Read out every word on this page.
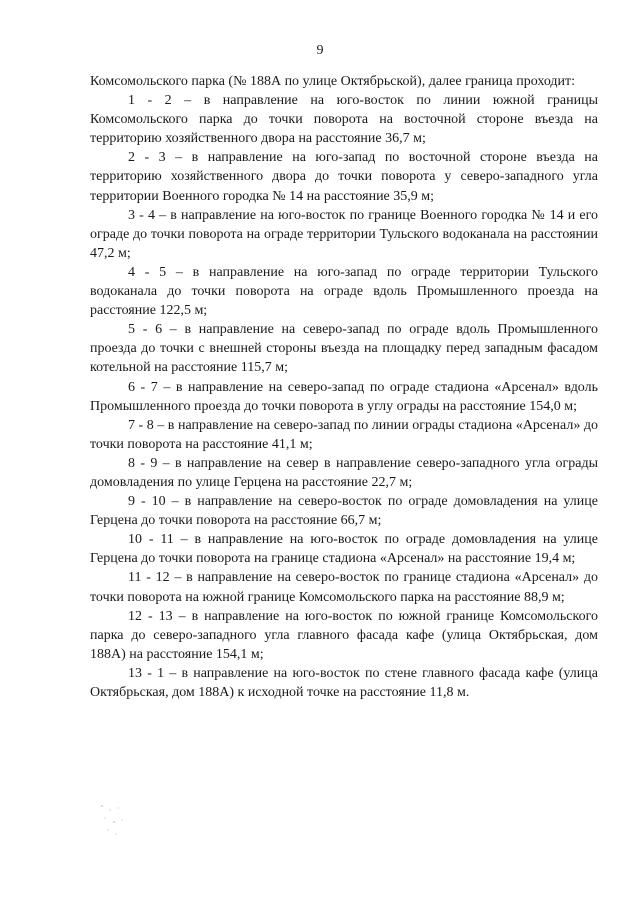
9

Комсомольского парка (№ 188А по улице Октябрьской), далее граница проходит:

1 - 2 – в направление на юго-восток по линии южной границы Комсомольского парка до точки поворота на восточной стороне въезда на территорию хозяйственного двора на расстояние 36,7 м;

2 - 3 – в направление на юго-запад по восточной стороне въезда на территорию хозяйственного двора до точки поворота у северо-западного угла территории Военного городка № 14 на расстояние 35,9 м;

3 - 4 – в направление на юго-восток по границе Военного городка № 14 и его ограде до точки поворота на ограде территории Тульского водоканала на расстоянии 47,2 м;

4 - 5 – в направление на юго-запад по ограде территории Тульского водоканала до точки поворота на ограде вдоль Промышленного проезда на расстояние 122,5 м;

5 - 6 – в направление на северо-запад по ограде вдоль Промышленного проезда до точки с внешней стороны въезда на площадку перед западным фасадом котельной на расстояние 115,7 м;

6 - 7 – в направление на северо-запад по ограде стадиона «Арсенал» вдоль Промышленного проезда до точки поворота в углу ограды на расстояние 154,0 м;

7 - 8 – в направление на северо-запад по линии ограды стадиона «Арсенал» до точки поворота на расстояние 41,1 м;

8 - 9 – в направление на север в направление северо-западного угла ограды домовладения по улице Герцена на расстояние 22,7 м;

9 - 10 – в направление на северо-восток по ограде домовладения на улице Герцена до точки поворота на расстояние 66,7 м;

10 - 11 – в направление на юго-восток по ограде домовладения на улице Герцена до точки поворота на границе стадиона «Арсенал» на расстояние 19,4 м;

11 - 12 – в направление на северо-восток по границе стадиона «Арсенал» до точки поворота на южной границе Комсомольского парка на расстояние 88,9 м;

12 - 13 – в направление на юго-восток по южной границе Комсомольского парка до северо-западного угла главного фасада кафе (улица Октябрьская, дом 188А) на расстояние 154,1 м;

13 - 1 – в направление на юго-восток по стене главного фасада кафе (улица Октябрьская, дом 188А) к исходной точке на расстояние 11,8 м.
